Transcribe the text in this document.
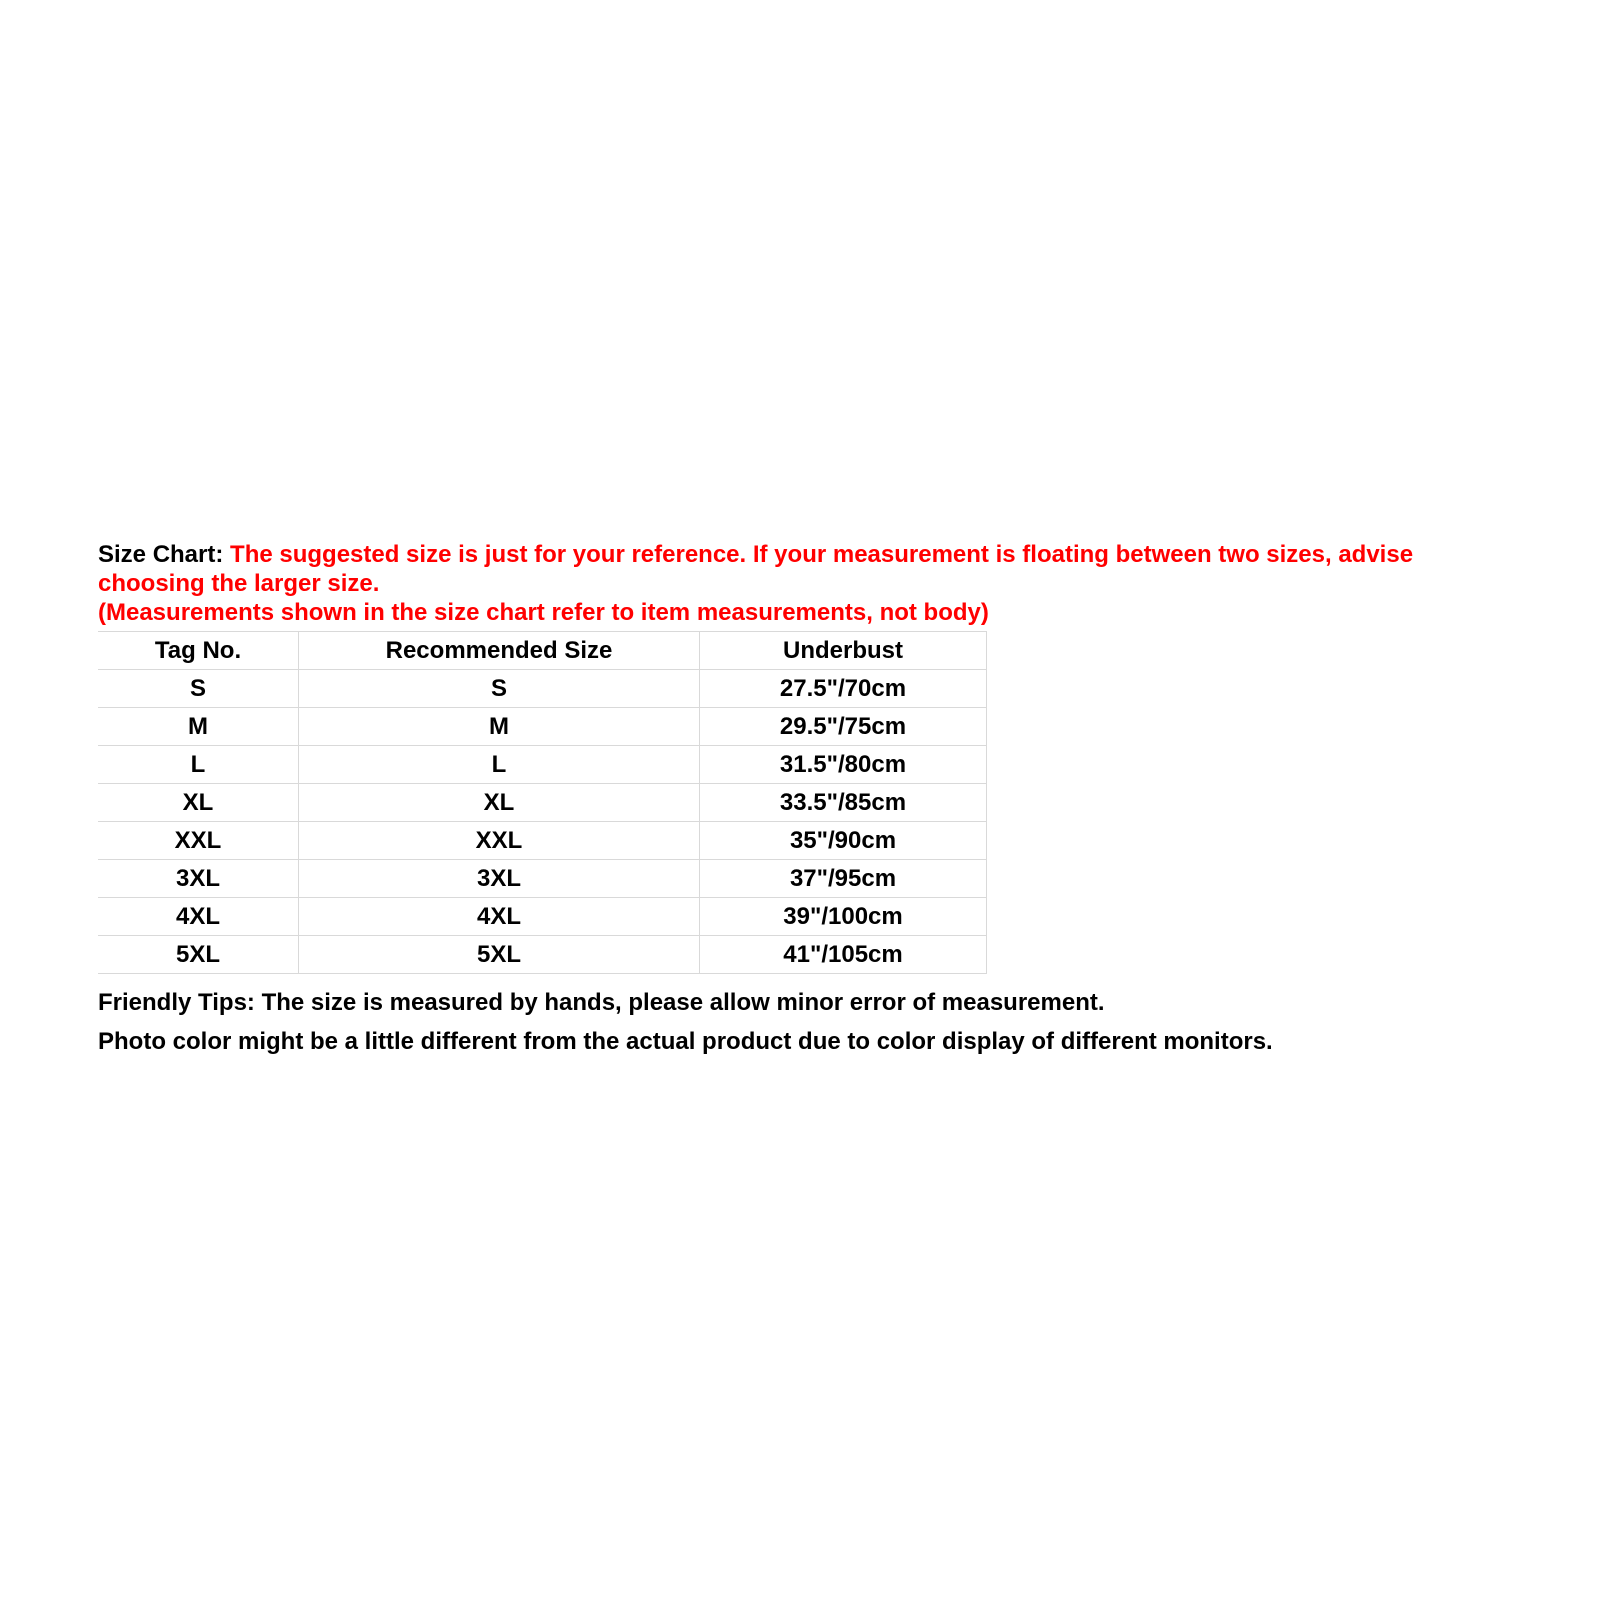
Size Chart: The suggested size is just for your reference. If your measurement is floating between two sizes, advise choosing the larger size.
(Measurements shown in the size chart refer to item measurements, not body)
Tag No.	Recommended Size	Underbust
S	S	27.5"/70cm
M	M	29.5"/75cm
L	L	31.5"/80cm
XL	XL	33.5"/85cm
XXL	XXL	35"/90cm
3XL	3XL	37"/95cm
4XL	4XL	39"/100cm
5XL	5XL	41"/105cm

Friendly Tips: The size is measured by hands, please allow minor error of measurement.

Photo color might be a little different from the actual product due to color display of different monitors.
